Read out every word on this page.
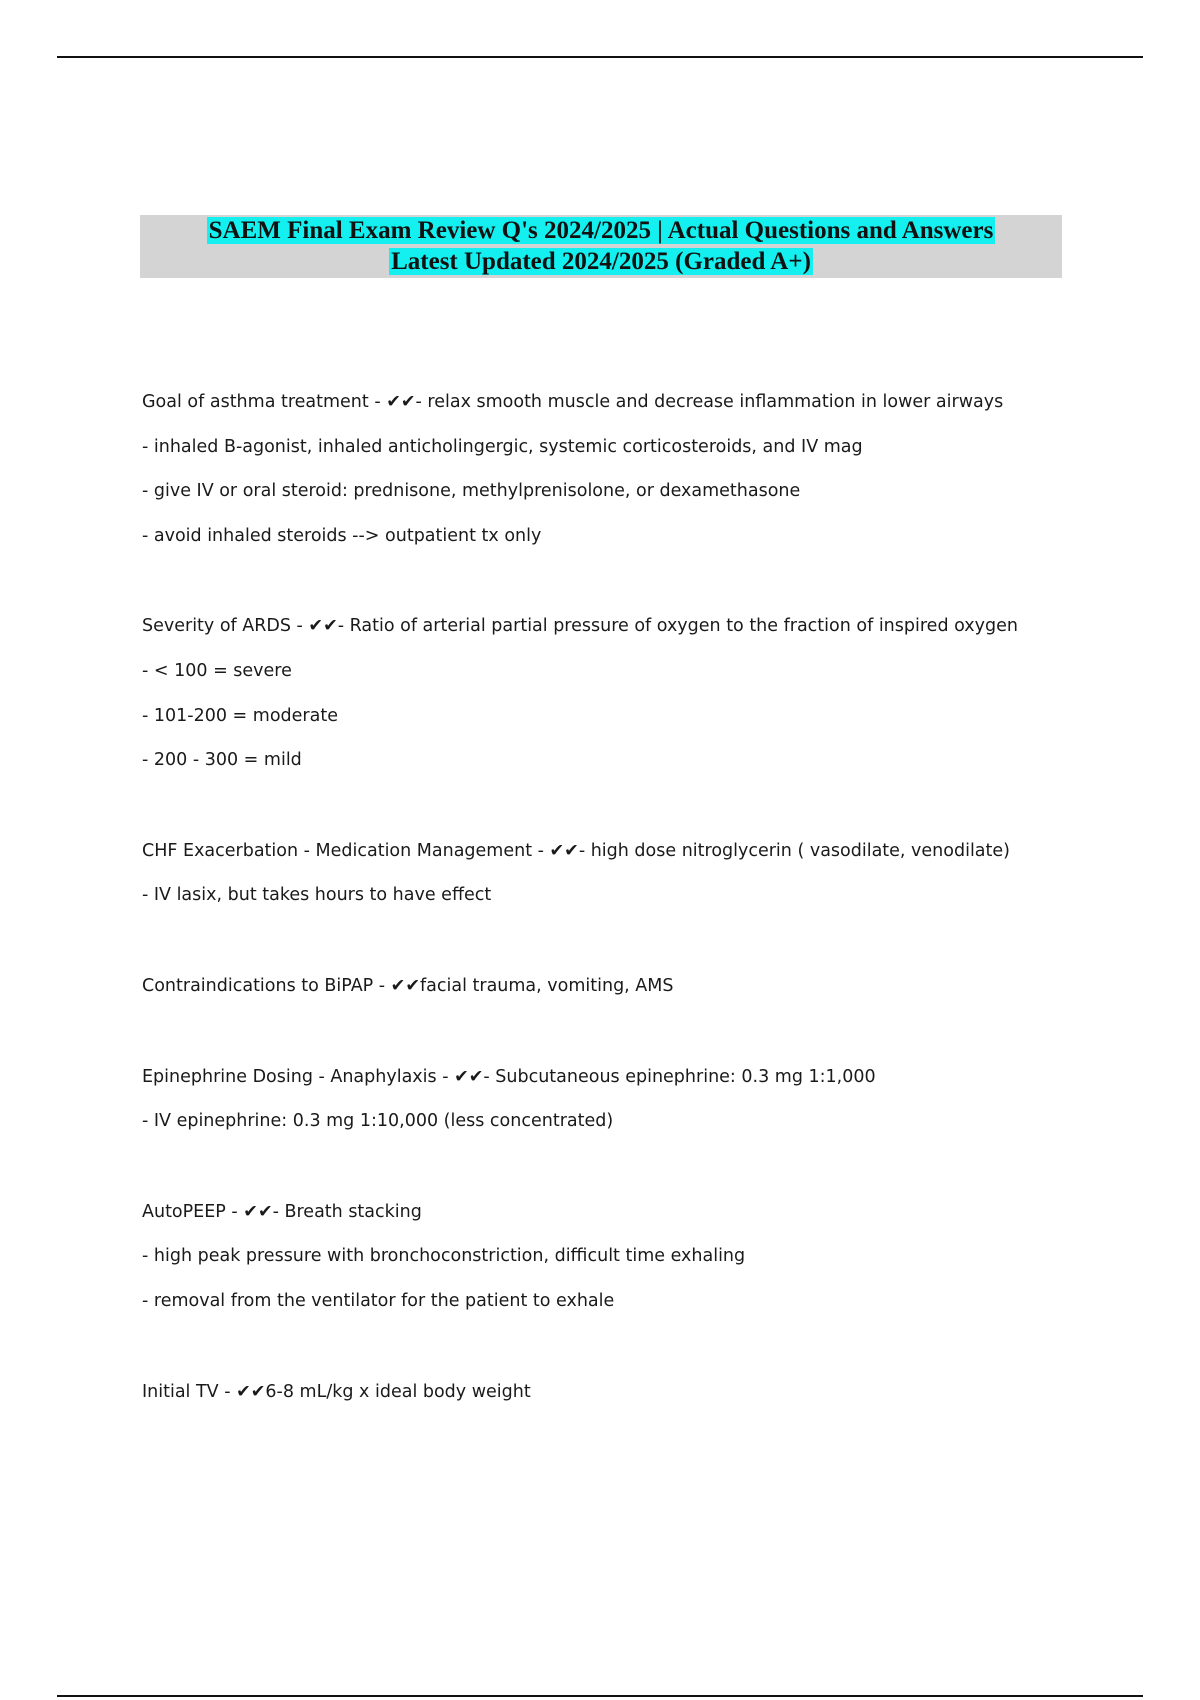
SAEM Final Exam Review Q's 2024/2025 | Actual Questions and Answers
Latest Updated 2024/2025 (Graded A+)
Goal of asthma treatment - ✔✔- relax smooth muscle and decrease inflammation in lower airways
- inhaled B-agonist, inhaled anticholingergic, systemic corticosteroids, and IV mag
- give IV or oral steroid: prednisone, methylprenisolone, or dexamethasone
- avoid inhaled steroids --> outpatient tx only
Severity of ARDS - ✔✔- Ratio of arterial partial pressure of oxygen to the fraction of inspired oxygen
- < 100 = severe
- 101-200 = moderate
- 200 - 300 = mild
CHF Exacerbation - Medication Management - ✔✔- high dose nitroglycerin ( vasodilate, venodilate)
- IV lasix, but takes hours to have effect
Contraindications to BiPAP - ✔✔facial trauma, vomiting, AMS
Epinephrine Dosing - Anaphylaxis - ✔✔- Subcutaneous epinephrine: 0.3 mg 1:1,000
- IV epinephrine: 0.3 mg 1:10,000 (less concentrated)
AutoPEEP - ✔✔- Breath stacking
- high peak pressure with bronchoconstriction, difficult time exhaling
- removal from the ventilator for the patient to exhale
Initial TV - ✔✔6-8 mL/kg x ideal body weight
